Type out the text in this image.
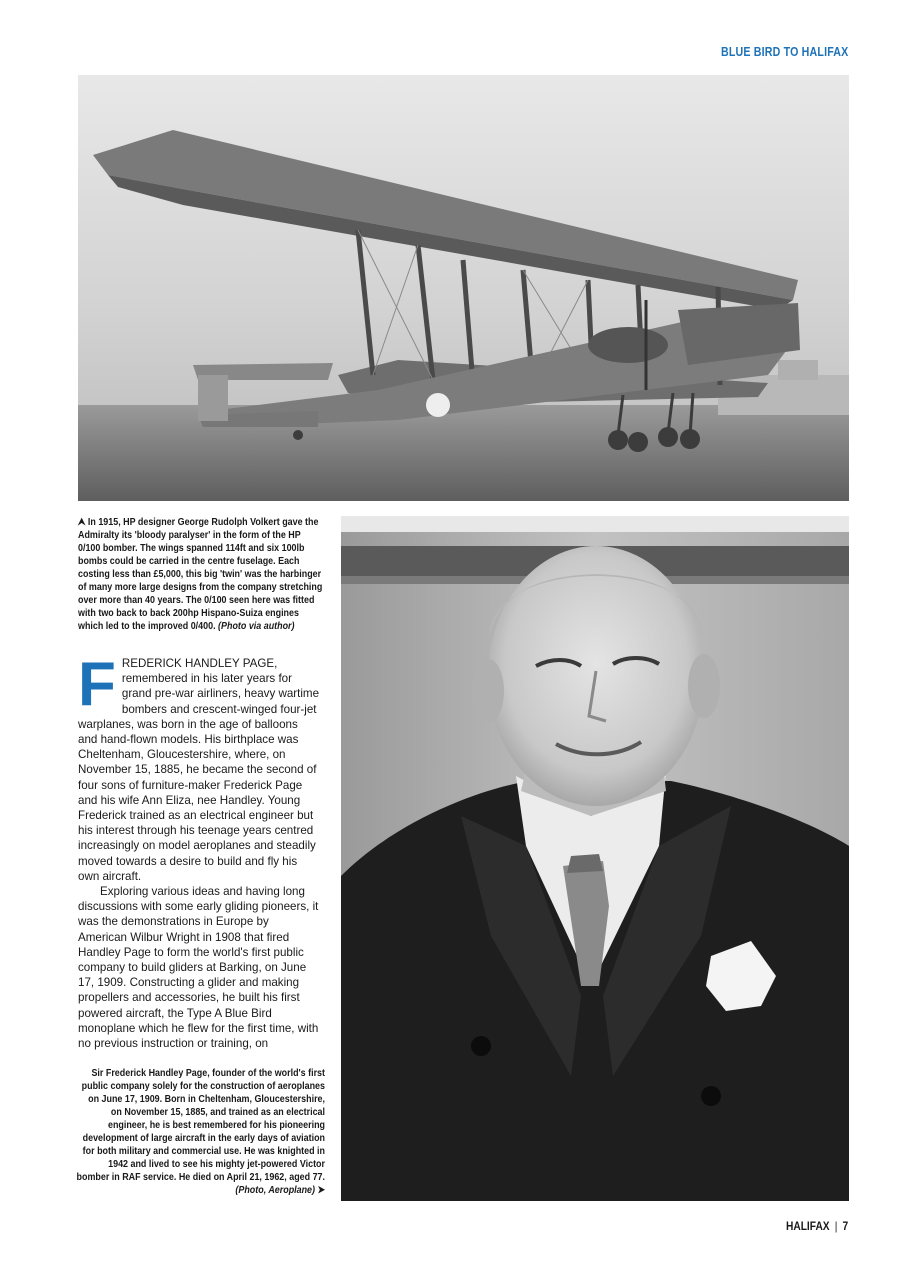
BLUE BIRD TO HALIFAX
⮝ In 1915, HP designer George Rudolph Volkert gave the Admiralty its 'bloody paralyser' in the form of the HP 0/100 bomber. The wings spanned 114ft and six 100lb bombs could be carried in the centre fuselage. Each costing less than £5,000, this big 'twin' was the harbinger of many more large designs from the company stretching over more than 40 years. The 0/100 seen here was fitted with two back to back 200hp Hispano-Suiza engines which led to the improved 0/400. (Photo via author)

FREDERICK HANDLEY PAGE, remembered in his later years for grand pre-war airliners, heavy wartime bombers and crescent-winged four-jet warplanes, was born in the age of balloons and hand-flown models. His birthplace was Cheltenham, Gloucestershire, where, on November 15, 1885, he became the second of four sons of furniture-maker Frederick Page and his wife Ann Eliza, nee Handley. Young Frederick trained as an electrical engineer but his interest through his teenage years centred increasingly on model aeroplanes and steadily moved towards a desire to build and fly his own aircraft.

Exploring various ideas and having long discussions with some early gliding pioneers, it was the demonstrations in Europe by American Wilbur Wright in 1908 that fired Handley Page to form the world's first public company to build gliders at Barking, on June 17, 1909. Constructing a glider and making propellers and accessories, he built his first powered aircraft, the Type A Blue Bird monoplane which he flew for the first time, with no previous instruction or training, on

Sir Frederick Handley Page, founder of the world's first public company solely for the construction of aeroplanes on June 17, 1909. Born in Cheltenham, Gloucestershire, on November 15, 1885, and trained as an electrical engineer, he is best remembered for his pioneering development of large aircraft in the early days of aviation for both military and commercial use. He was knighted in 1942 and lived to see his mighty jet-powered Victor bomber in RAF service. He died on April 21, 1962, aged 77. (Photo, Aeroplane) ➤
HALIFAX | 7
